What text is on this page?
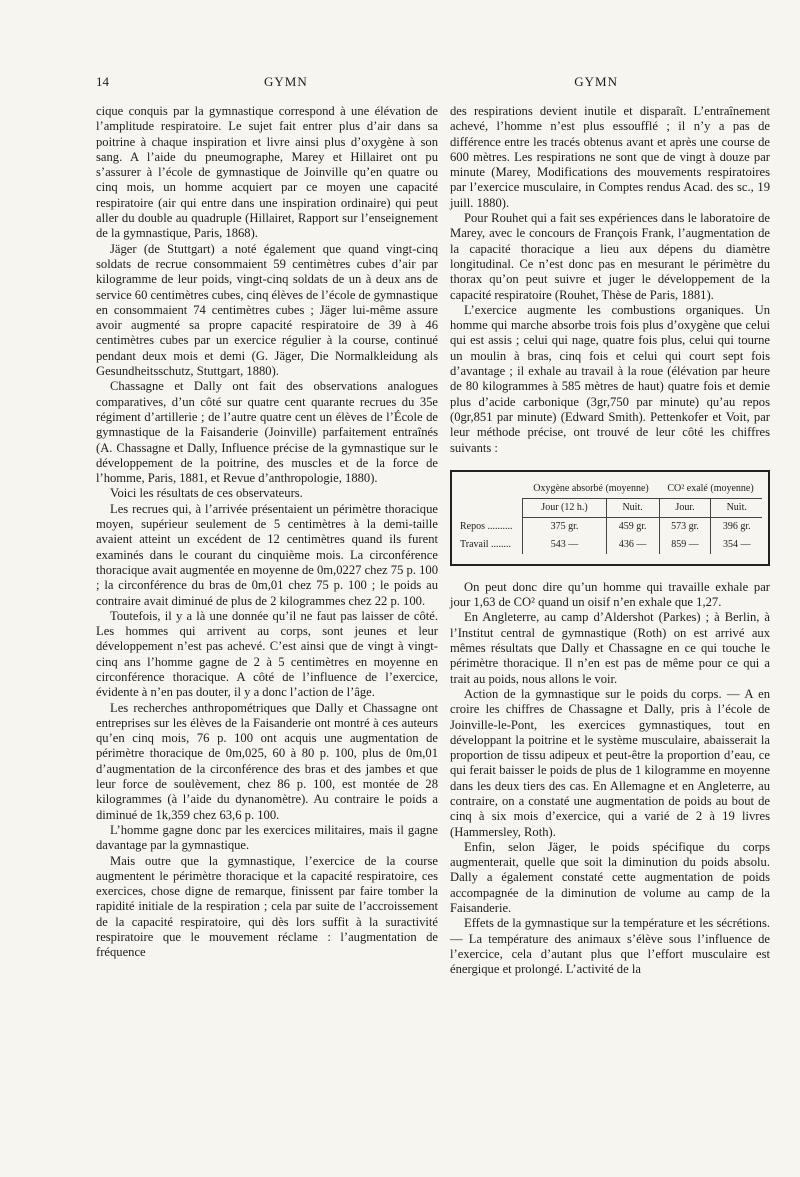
14	GYMN	GYMN

cique conquis par la gymnastique correspond à une élévation de l’amplitude respiratoire. Le sujet fait entrer plus d’air dans sa poitrine à chaque inspiration et livre ainsi plus d’oxygène à son sang. A l’aide du pneumographe, Marey et Hillairet ont pu s’assurer à l’école de gymnastique de Joinville qu’en quatre ou cinq mois, un homme acquiert par ce moyen une capacité respiratoire (air qui entre dans une inspiration ordinaire) qui peut aller du double au quadruple (Hillairet, Rapport sur l’enseignement de la gymnastique, Paris, 1868).

Jäger (de Stuttgart) a noté également que quand vingt-cinq soldats de recrue consommaient 59 centimètres cubes d’air par kilogramme de leur poids, vingt-cinq soldats de un à deux ans de service 60 centimètres cubes, cinq élèves de l’école de gymnastique en consommaient 74 centimètres cubes ; Jäger lui-même assure avoir augmenté sa propre capacité respiratoire de 39 à 46 centimètres cubes par un exercice régulier à la course, continué pendant deux mois et demi (G. Jäger, Die Normalkleidung als Gesundheitsschutz, Stuttgart, 1880).

Chassagne et Dally ont fait des observations analogues comparatives, d’un côté sur quatre cent quarante recrues du 35e régiment d’artillerie ; de l’autre quatre cent un élèves de l’École de gymnastique de la Faisanderie (Joinville) parfaitement entraînés (A. Chassagne et Dally, Influence précise de la gymnastique sur le développement de la poitrine, des muscles et de la force de l’homme, Paris, 1881, et Revue d’anthropologie, 1880).

Voici les résultats de ces observateurs.

Les recrues qui, à l’arrivée présentaient un périmètre thoracique moyen, supérieur seulement de 5 centimètres à la demi-taille avaient atteint un excédent de 12 centimètres quand ils furent examinés dans le courant du cinquième mois. La circonférence thoracique avait augmentée en moyenne de 0m,0227 chez 75 p. 100 ; la circonférence du bras de 0m,01 chez 75 p. 100 ; le poids au contraire avait diminué de plus de 2 kilogrammes chez 22 p. 100.

Toutefois, il y a là une donnée qu’il ne faut pas laisser de côté. Les hommes qui arrivent au corps, sont jeunes et leur développement n’est pas achevé. C’est ainsi que de vingt à vingt-cinq ans l’homme gagne de 2 à 5 centimètres en moyenne en circonférence thoracique. A côté de l’influence de l’exercice, évidente à n’en pas douter, il y a donc l’action de l’âge.

Les recherches anthropométriques que Dally et Chassagne ont entreprises sur les élèves de la Faisanderie ont montré à ces auteurs qu’en cinq mois, 76 p. 100 ont acquis une augmentation de périmètre thoracique de 0m,025, 60 à 80 p. 100, plus de 0m,01 d’augmentation de la circonférence des bras et des jambes et que leur force de soulèvement, chez 86 p. 100, est montée de 28 kilogrammes (à l’aide du dynanomètre). Au contraire le poids a diminué de 1k,359 chez 63,6 p. 100.

L’homme gagne donc par les exercices militaires, mais il gagne davantage par la gymnastique.

Mais outre que la gymnastique, l’exercice de la course augmentent le périmètre thoracique et la capacité respiratoire, ces exercices, chose digne de remarque, finissent par faire tomber la rapidité initiale de la respiration ; cela par suite de l’accroissement de la capacité respiratoire, qui dès lors suffit à la suractivité respiratoire que le mouvement réclame : l’augmentation de fréquence

des respirations devient inutile et disparaît. L’entraînement achevé, l’homme n’est plus essoufflé ; il n’y a pas de différence entre les tracés obtenus avant et après une course de 600 mètres. Les respirations ne sont que de vingt à douze par minute (Marey, Modifications des mouvements respiratoires par l’exercice musculaire, in Comptes rendus Acad. des sc., 19 juill. 1880).

Pour Rouhet qui a fait ses expériences dans le laboratoire de Marey, avec le concours de François Frank, l’augmentation de la capacité thoracique a lieu aux dépens du diamètre longitudinal. Ce n’est donc pas en mesurant le périmètre du thorax qu’on peut suivre et juger le développement de la capacité respiratoire (Rouhet, Thèse de Paris, 1881).

L’exercice augmente les combustions organiques. Un homme qui marche absorbe trois fois plus d’oxygène que celui qui est assis ; celui qui nage, quatre fois plus, celui qui tourne un moulin à bras, cinq fois et celui qui court sept fois d’avantage ; il exhale au travail à la roue (élévation par heure de 80 kilogrammes à 585 mètres de haut) quatre fois et demie plus d’acide carbonique (3gr,750 par minute) qu’au repos (0gr,851 par minute) (Edward Smith). Pettenkofer et Voit, par leur méthode précise, ont trouvé de leur côté les chiffres suivants :

	Oxygène absorbé (moyenne)		CO² exalé (moyenne)	
	Jour (12 h.)	Nuit.	Jour.	Nuit.
Repos ..........	375 gr.	459 gr.	573 gr.	396 gr.
Travail ........	543 —	436 —	859 —	354 —

On peut donc dire qu’un homme qui travaille exhale par jour 1,63 de CO² quand un oisif n’en exhale que 1,27.

En Angleterre, au camp d’Aldershot (Parkes) ; à Berlin, à l’Institut central de gymnastique (Roth) on est arrivé aux mêmes résultats que Dally et Chassagne en ce qui touche le périmètre thoracique. Il n’en est pas de même pour ce qui a trait au poids, nous allons le voir.

Action de la gymnastique sur le poids du corps. — A en croire les chiffres de Chassagne et Dally, pris à l’école de Joinville-le-Pont, les exercices gymnastiques, tout en développant la poitrine et le système musculaire, abaisserait la proportion de tissu adipeux et peut-être la proportion d’eau, ce qui ferait baisser le poids de plus de 1 kilogramme en moyenne dans les deux tiers des cas. En Allemagne et en Angleterre, au contraire, on a constaté une augmentation de poids au bout de cinq à six mois d’exercice, qui a varié de 2 à 19 livres (Hammersley, Roth).

Enfin, selon Jäger, le poids spécifique du corps augmenterait, quelle que soit la diminution du poids absolu. Dally a également constaté cette augmentation de poids accompagnée de la diminution de volume au camp de la Faisanderie.

Effets de la gymnastique sur la température et les sécrétions. — La température des animaux s’élève sous l’influence de l’exercice, cela d’autant plus que l’effort musculaire est énergique et prolongé. L’activité de la
